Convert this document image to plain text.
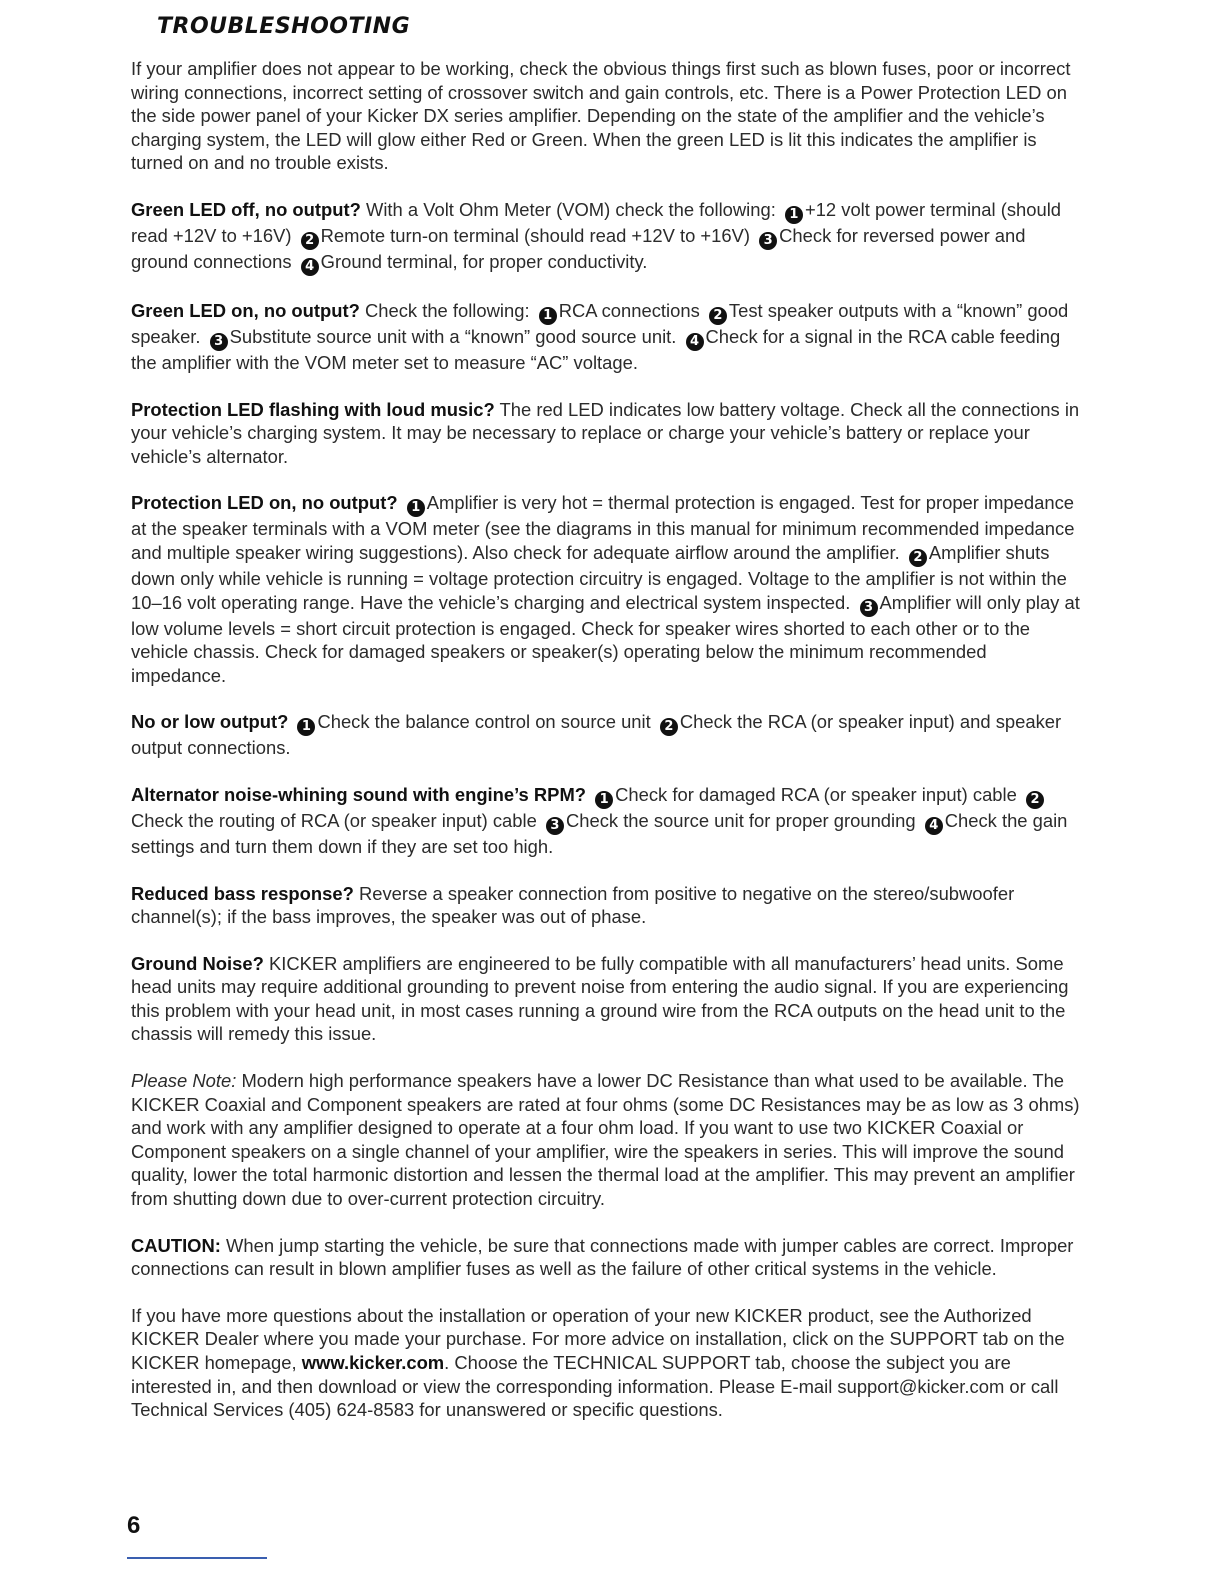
TROUBLESHOOTING

If your amplifier does not appear to be working, check the obvious things first such as blown fuses, poor or incorrect wiring connections, incorrect setting of crossover switch and gain controls, etc. There is a Power Protection LED on the side power panel of your Kicker DX series amplifier. Depending on the state of the amplifier and the vehicle’s charging system, the LED will glow either Red or Green. When the green LED is lit this indicates the amplifier is turned on and no trouble exists.

Green LED off, no output? With a Volt Ohm Meter (VOM) check the following: 1 +12 volt power terminal (should read +12V to +16V) 2 Remote turn-on terminal (should read +12V to +16V) 3 Check for reversed power and ground connections 4 Ground terminal, for proper conductivity.

Green LED on, no output? Check the following: 1 RCA connections 2 Test speaker outputs with a “known” good speaker. 3 Substitute source unit with a “known” good source unit. 4 Check for a signal in the RCA cable feeding the amplifier with the VOM meter set to measure “AC” voltage.

Protection LED flashing with loud music? The red LED indicates low battery voltage. Check all the connections in your vehicle’s charging system. It may be necessary to replace or charge your vehicle’s battery or replace your vehicle’s alternator.

Protection LED on, no output? 1 Amplifier is very hot = thermal protection is engaged. Test for proper impedance at the speaker terminals with a VOM meter (see the diagrams in this manual for minimum recommended impedance and multiple speaker wiring suggestions). Also check for adequate airflow around the amplifier. 2 Amplifier shuts down only while vehicle is running = voltage protection circuitry is engaged. Voltage to the amplifier is not within the 10–16 volt operating range. Have the vehicle’s charging and electrical system inspected. 3 Amplifier will only play at low volume levels = short circuit protection is engaged. Check for speaker wires shorted to each other or to the vehicle chassis. Check for damaged speakers or speaker(s) operating below the minimum recommended impedance.

No or low output? 1 Check the balance control on source unit 2 Check the RCA (or speaker input) and speaker output connections.

Alternator noise-whining sound with engine’s RPM? 1 Check for damaged RCA (or speaker input) cable 2Check the routing of RCA (or speaker input) cable 3 Check the source unit for proper grounding 4 Check the gain settings and turn them down if they are set too high.

Reduced bass response? Reverse a speaker connection from positive to negative on the stereo/subwoofer channel(s); if the bass improves, the speaker was out of phase.

Ground Noise? KICKER amplifiers are engineered to be fully compatible with all manufacturers’ head units. Some head units may require additional grounding to prevent noise from entering the audio signal. If you are experiencing this problem with your head unit, in most cases running a ground wire from the RCA outputs on the head unit to the chassis will remedy this issue.

Please Note: Modern high performance speakers have a lower DC Resistance than what used to be available. The KICKER Coaxial and Component speakers are rated at four ohms (some DC Resistances may be as low as 3 ohms) and work with any amplifier designed to operate at a four ohm load. If you want to use two KICKER Coaxial or Component speakers on a single channel of your amplifier, wire the speakers in series. This will improve the sound quality, lower the total harmonic distortion and lessen the thermal load at the amplifier. This may prevent an amplifier from shutting down due to over-current protection circuitry.

CAUTION: When jump starting the vehicle, be sure that connections made with jumper cables are correct. Improper connections can result in blown amplifier fuses as well as the failure of other critical systems in the vehicle.

If you have more questions about the installation or operation of your new KICKER product, see the Authorized KICKER Dealer where you made your purchase. For more advice on installation, click on the SUPPORT tab on the KICKER homepage, www.kicker.com. Choose the TECHNICAL SUPPORT tab, choose the subject you are interested in, and then download or view the corresponding information. Please E-mail support@kicker.com or call Technical Services (405) 624-8583 for unanswered or specific questions.

6
